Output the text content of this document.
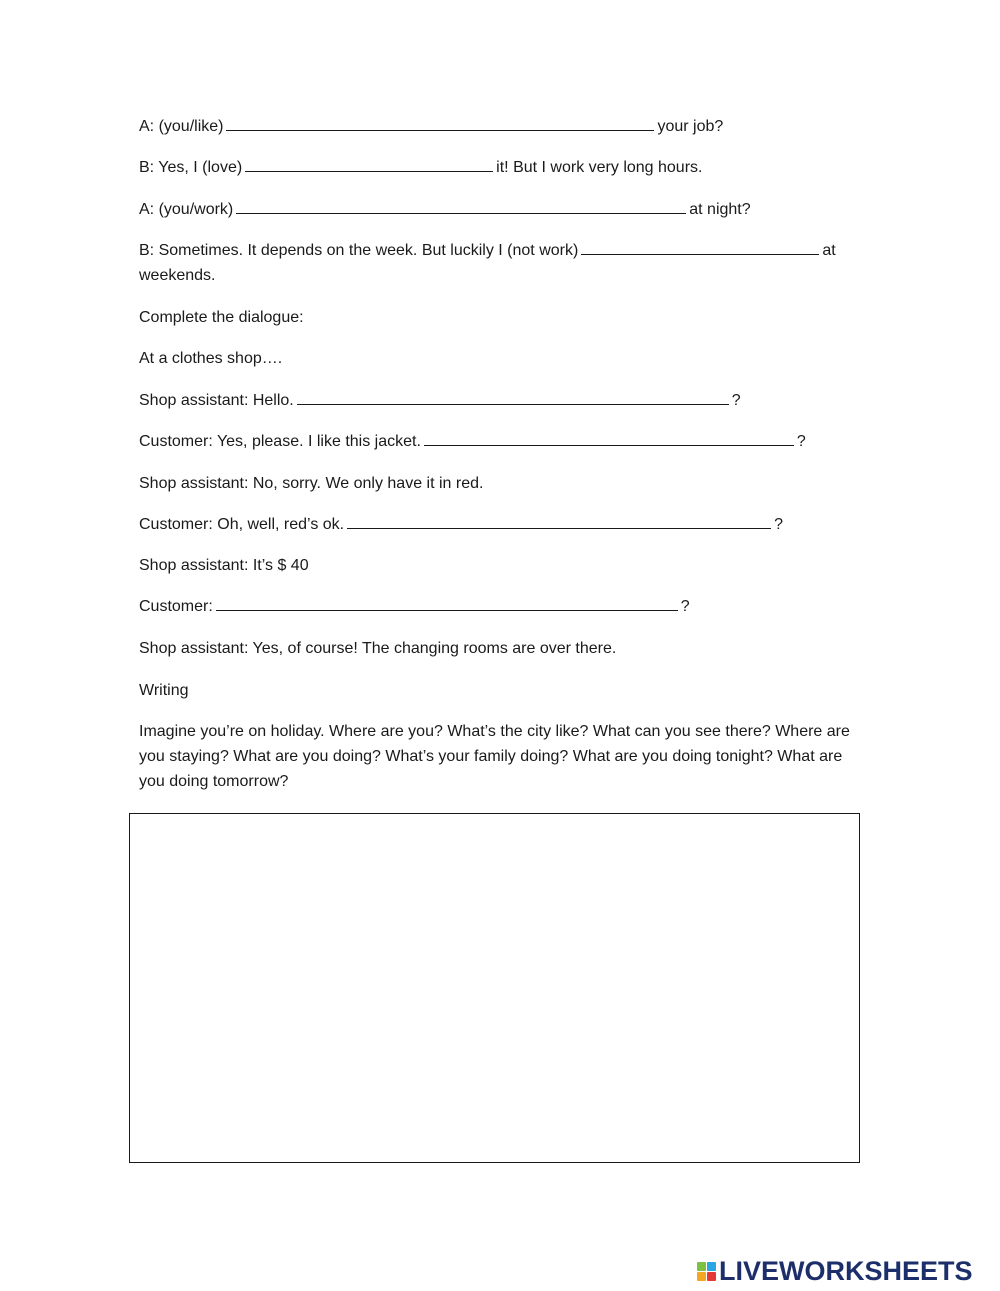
A: (you/like)	your job?
B: Yes, I (love)	it! But I work very long hours.
A: (you/work)	at night?
B: Sometimes. It depends on the week. But luckily I (not work)	at weekends.
Complete the dialogue:
At a clothes shop….
Shop assistant: Hello.	?
Customer: Yes, please. I like this jacket.	?
Shop assistant: No, sorry. We only have it in red.
Customer: Oh, well, red’s ok.	?
Shop assistant: It’s $ 40
Customer:	?
Shop assistant: Yes, of course! The changing rooms are over there.
Writing
Imagine you’re on holiday. Where are you? What’s the city like? What can you see there? Where are you staying? What are you doing? What’s your family doing? What are you doing tonight? What are you doing tomorrow?
LIVEWORKSHEETS
